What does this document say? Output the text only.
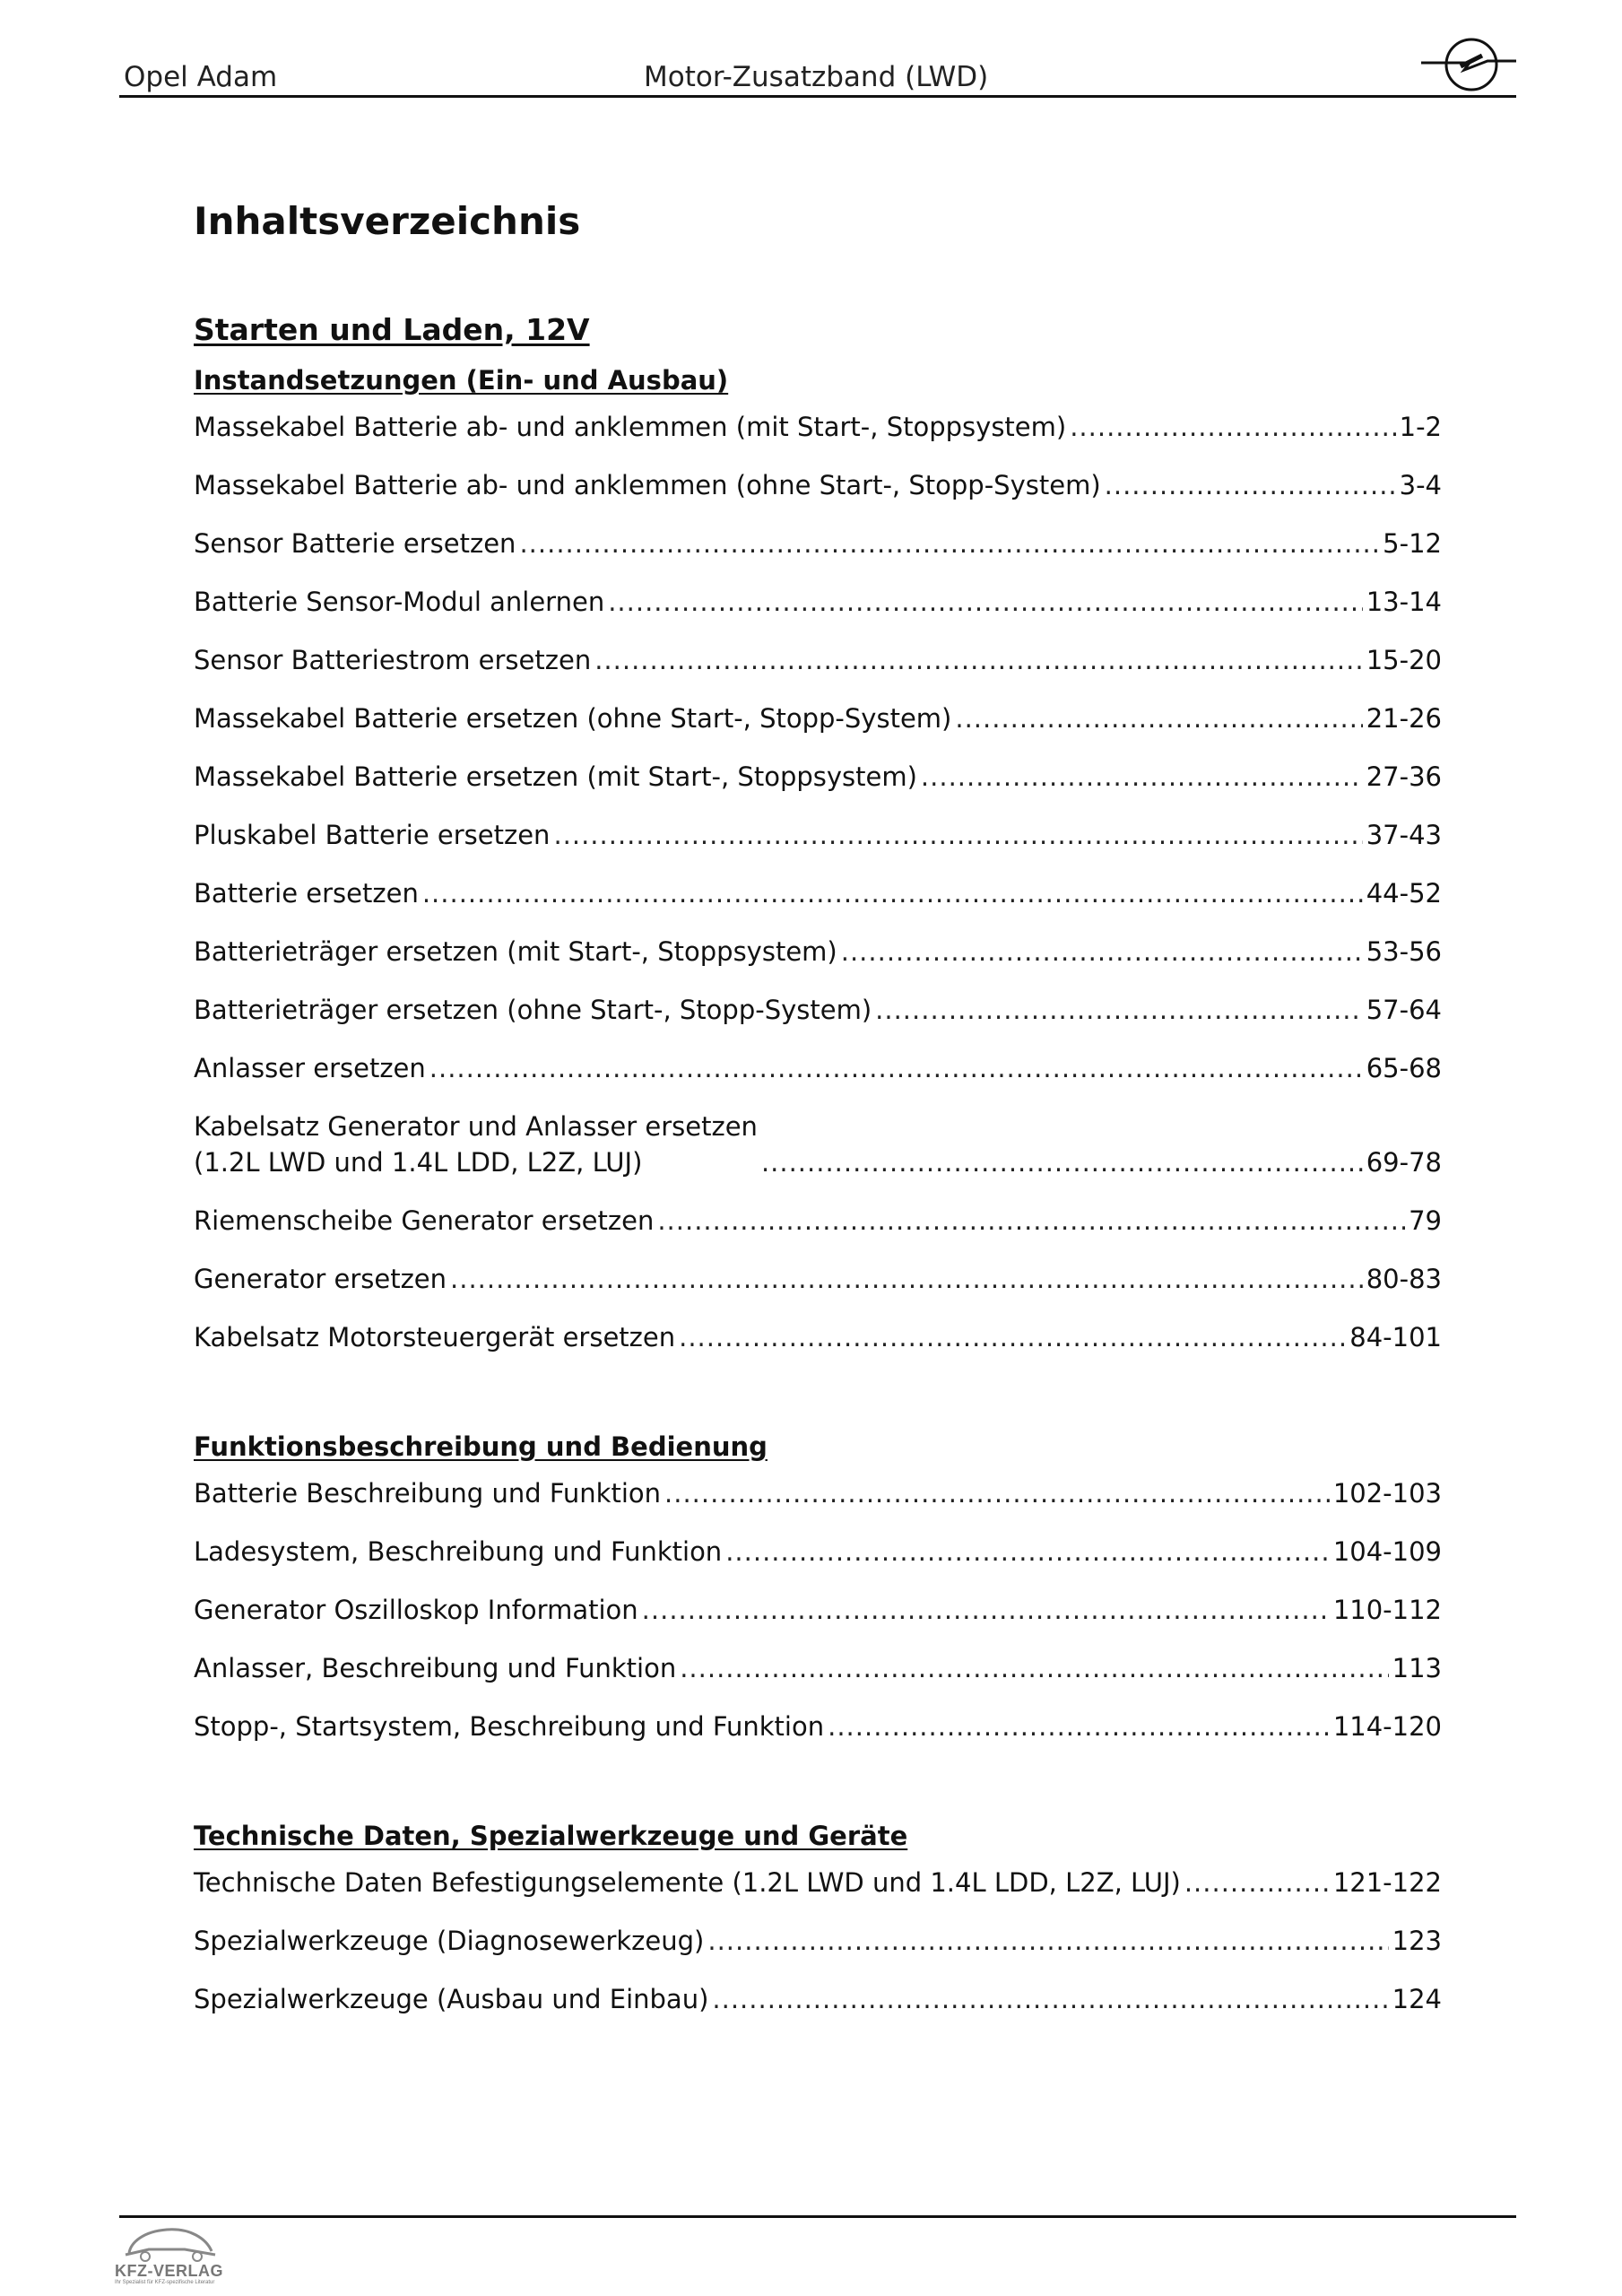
Opel Adam	Motor-Zusatzband (LWD)
Inhaltsverzeichnis
Starten und Laden, 12V
Instandsetzungen (Ein- und Ausbau)
Massekabel Batterie ab- und anklemmen (mit Start-, Stoppsystem) .....	1-2
Massekabel Batterie ab- und anklemmen (ohne Start-, Stopp-System) .....	3-4
Sensor Batterie ersetzen .....	5-12
Batterie Sensor-Modul anlernen .....	13-14
Sensor Batteriestrom ersetzen .....	15-20
Massekabel Batterie ersetzen (ohne Start-, Stopp-System) .....	21-26
Massekabel Batterie ersetzen (mit Start-, Stoppsystem) .....	27-36
Pluskabel Batterie ersetzen .....	37-43
Batterie ersetzen .....	44-52
Batterieträger ersetzen (mit Start-, Stoppsystem) .....	53-56
Batterieträger ersetzen (ohne Start-, Stopp-System) .....	57-64
Anlasser ersetzen .....	65-68
Kabelsatz Generator und Anlasser ersetzen
(1.2L LWD und 1.4L LDD, L2Z, LUJ) .....	69-78
Riemenscheibe Generator ersetzen .....	79
Generator ersetzen .....	80-83
Kabelsatz Motorsteuergerät ersetzen .....	84-101
Funktionsbeschreibung und Bedienung
Batterie Beschreibung und Funktion .....	102-103
Ladesystem, Beschreibung und Funktion .....	104-109
Generator Oszilloskop Information .....	110-112
Anlasser, Beschreibung und Funktion .....	113
Stopp-, Startsystem, Beschreibung und Funktion .....	114-120
Technische Daten, Spezialwerkzeuge und Geräte
Technische Daten Befestigungselemente (1.2L LWD und 1.4L LDD, L2Z, LUJ) .....	121-122
Spezialwerkzeuge (Diagnosewerkzeug) .....	123
Spezialwerkzeuge (Ausbau und Einbau) .....	124
KFZ-VERLAG
Ihr Spezialist für KFZ-spezifische Literatur
